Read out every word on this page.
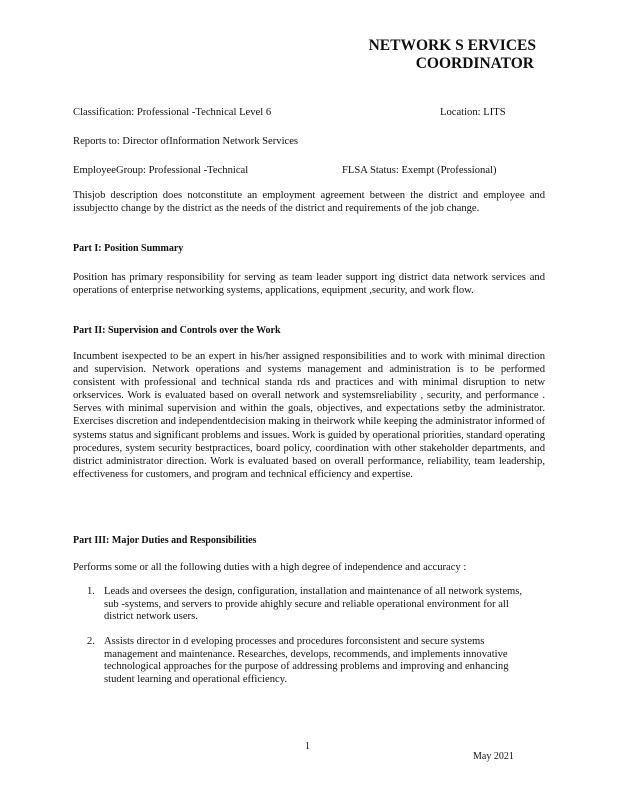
NETWORK S ERVICES
COORDINATOR
Classification: Professional -Technical Level 6	Location: LITS
Reports to: Director ofInformation Network Services
EmployeeGroup: Professional -Technical	FLSA Status: Exempt (Professional)
Thisjob description does notconstitute an employment agreement between the district and employee and issubjectto change by the district as the needs of the district and requirements of the job change.
Part I: Position Summary
Position has primary responsibility for serving as team leader support ing district data network services and operations of enterprise networking systems, applications, equipment ,security, and work flow.
Part II: Supervision and Controls over the Work
Incumbent isexpected to be an expert in his/her assigned responsibilities and to work with minimal direction and supervision. Network operations and systems management and administration is to be performed consistent with professional and technical standa rds and practices and with minimal disruption to netw orkservices. Work is evaluated based on overall network and systemsreliability , security, and performance . Serves with minimal supervision and within the goals, objectives, and expectations setby the administrator. Exercises discretion and independentdecision making in theirwork while keeping the administrator informed of systems status and significant problems and issues. Work is guided by operational priorities, standard operating procedures, system security bestpractices, board policy, coordination with other stakeholder departments, and district administrator direction. Work is evaluated based on overall performance, reliability, team leadership, effectiveness for customers, and program and technical efficiency and expertise.
Part III: Major Duties and Responsibilities
Performs some or all the following duties with a high degree of independence and accuracy :
1. Leads and oversees the design, configuration, installation and maintenance of all network systems, sub -systems, and servers to provide ahighly secure and reliable operational environment for all district network users.
2. Assists director in d eveloping processes and procedures forconsistent and secure systems management and maintenance. Researches, develops, recommends, and implements innovative technological approaches for the purpose of addressing problems and improving and enhancing student learning and operational efficiency.
1
May 2021
